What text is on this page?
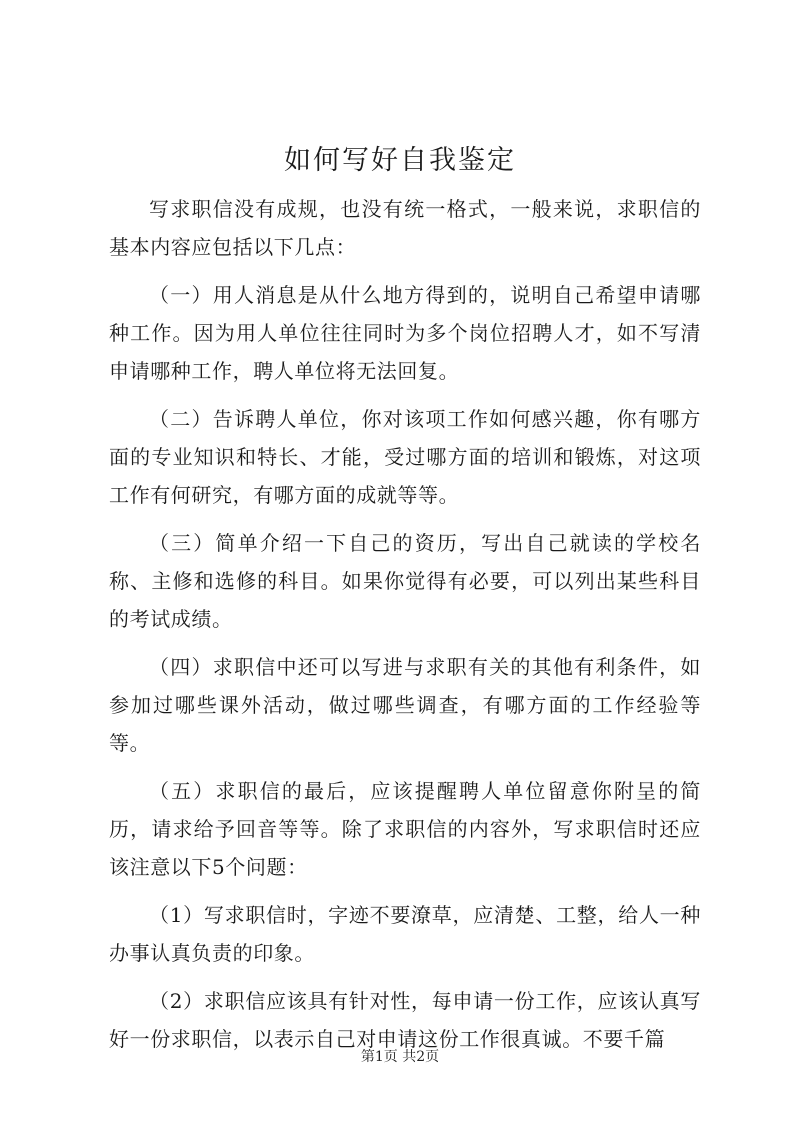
如何写好自我鉴定

写求职信没有成规，也没有统一格式，一般来说，求职信的基本内容应包括以下几点：

（一）用人消息是从什么地方得到的，说明自己希望申请哪种工作。因为用人单位往往同时为多个岗位招聘人才，如不写清申请哪种工作，聘人单位将无法回复。

（二）告诉聘人单位，你对该项工作如何感兴趣，你有哪方面的专业知识和特长、才能，受过哪方面的培训和锻炼，对这项工作有何研究，有哪方面的成就等等。

（三）简单介绍一下自己的资历，写出自己就读的学校名称、主修和选修的科目。如果你觉得有必要，可以列出某些科目的考试成绩。

（四）求职信中还可以写进与求职有关的其他有利条件，如参加过哪些课外活动，做过哪些调查，有哪方面的工作经验等等。

（五）求职信的最后，应该提醒聘人单位留意你附呈的简历，请求给予回音等等。除了求职信的内容外，写求职信时还应该注意以下5个问题：

（1）写求职信时，字迹不要潦草，应清楚、工整，给人一种办事认真负责的印象。

（2）求职信应该具有针对性，每申请一份工作，应该认真写好一份求职信，以表示自己对申请这份工作很真诚。不要千篇

第1页 共2页
